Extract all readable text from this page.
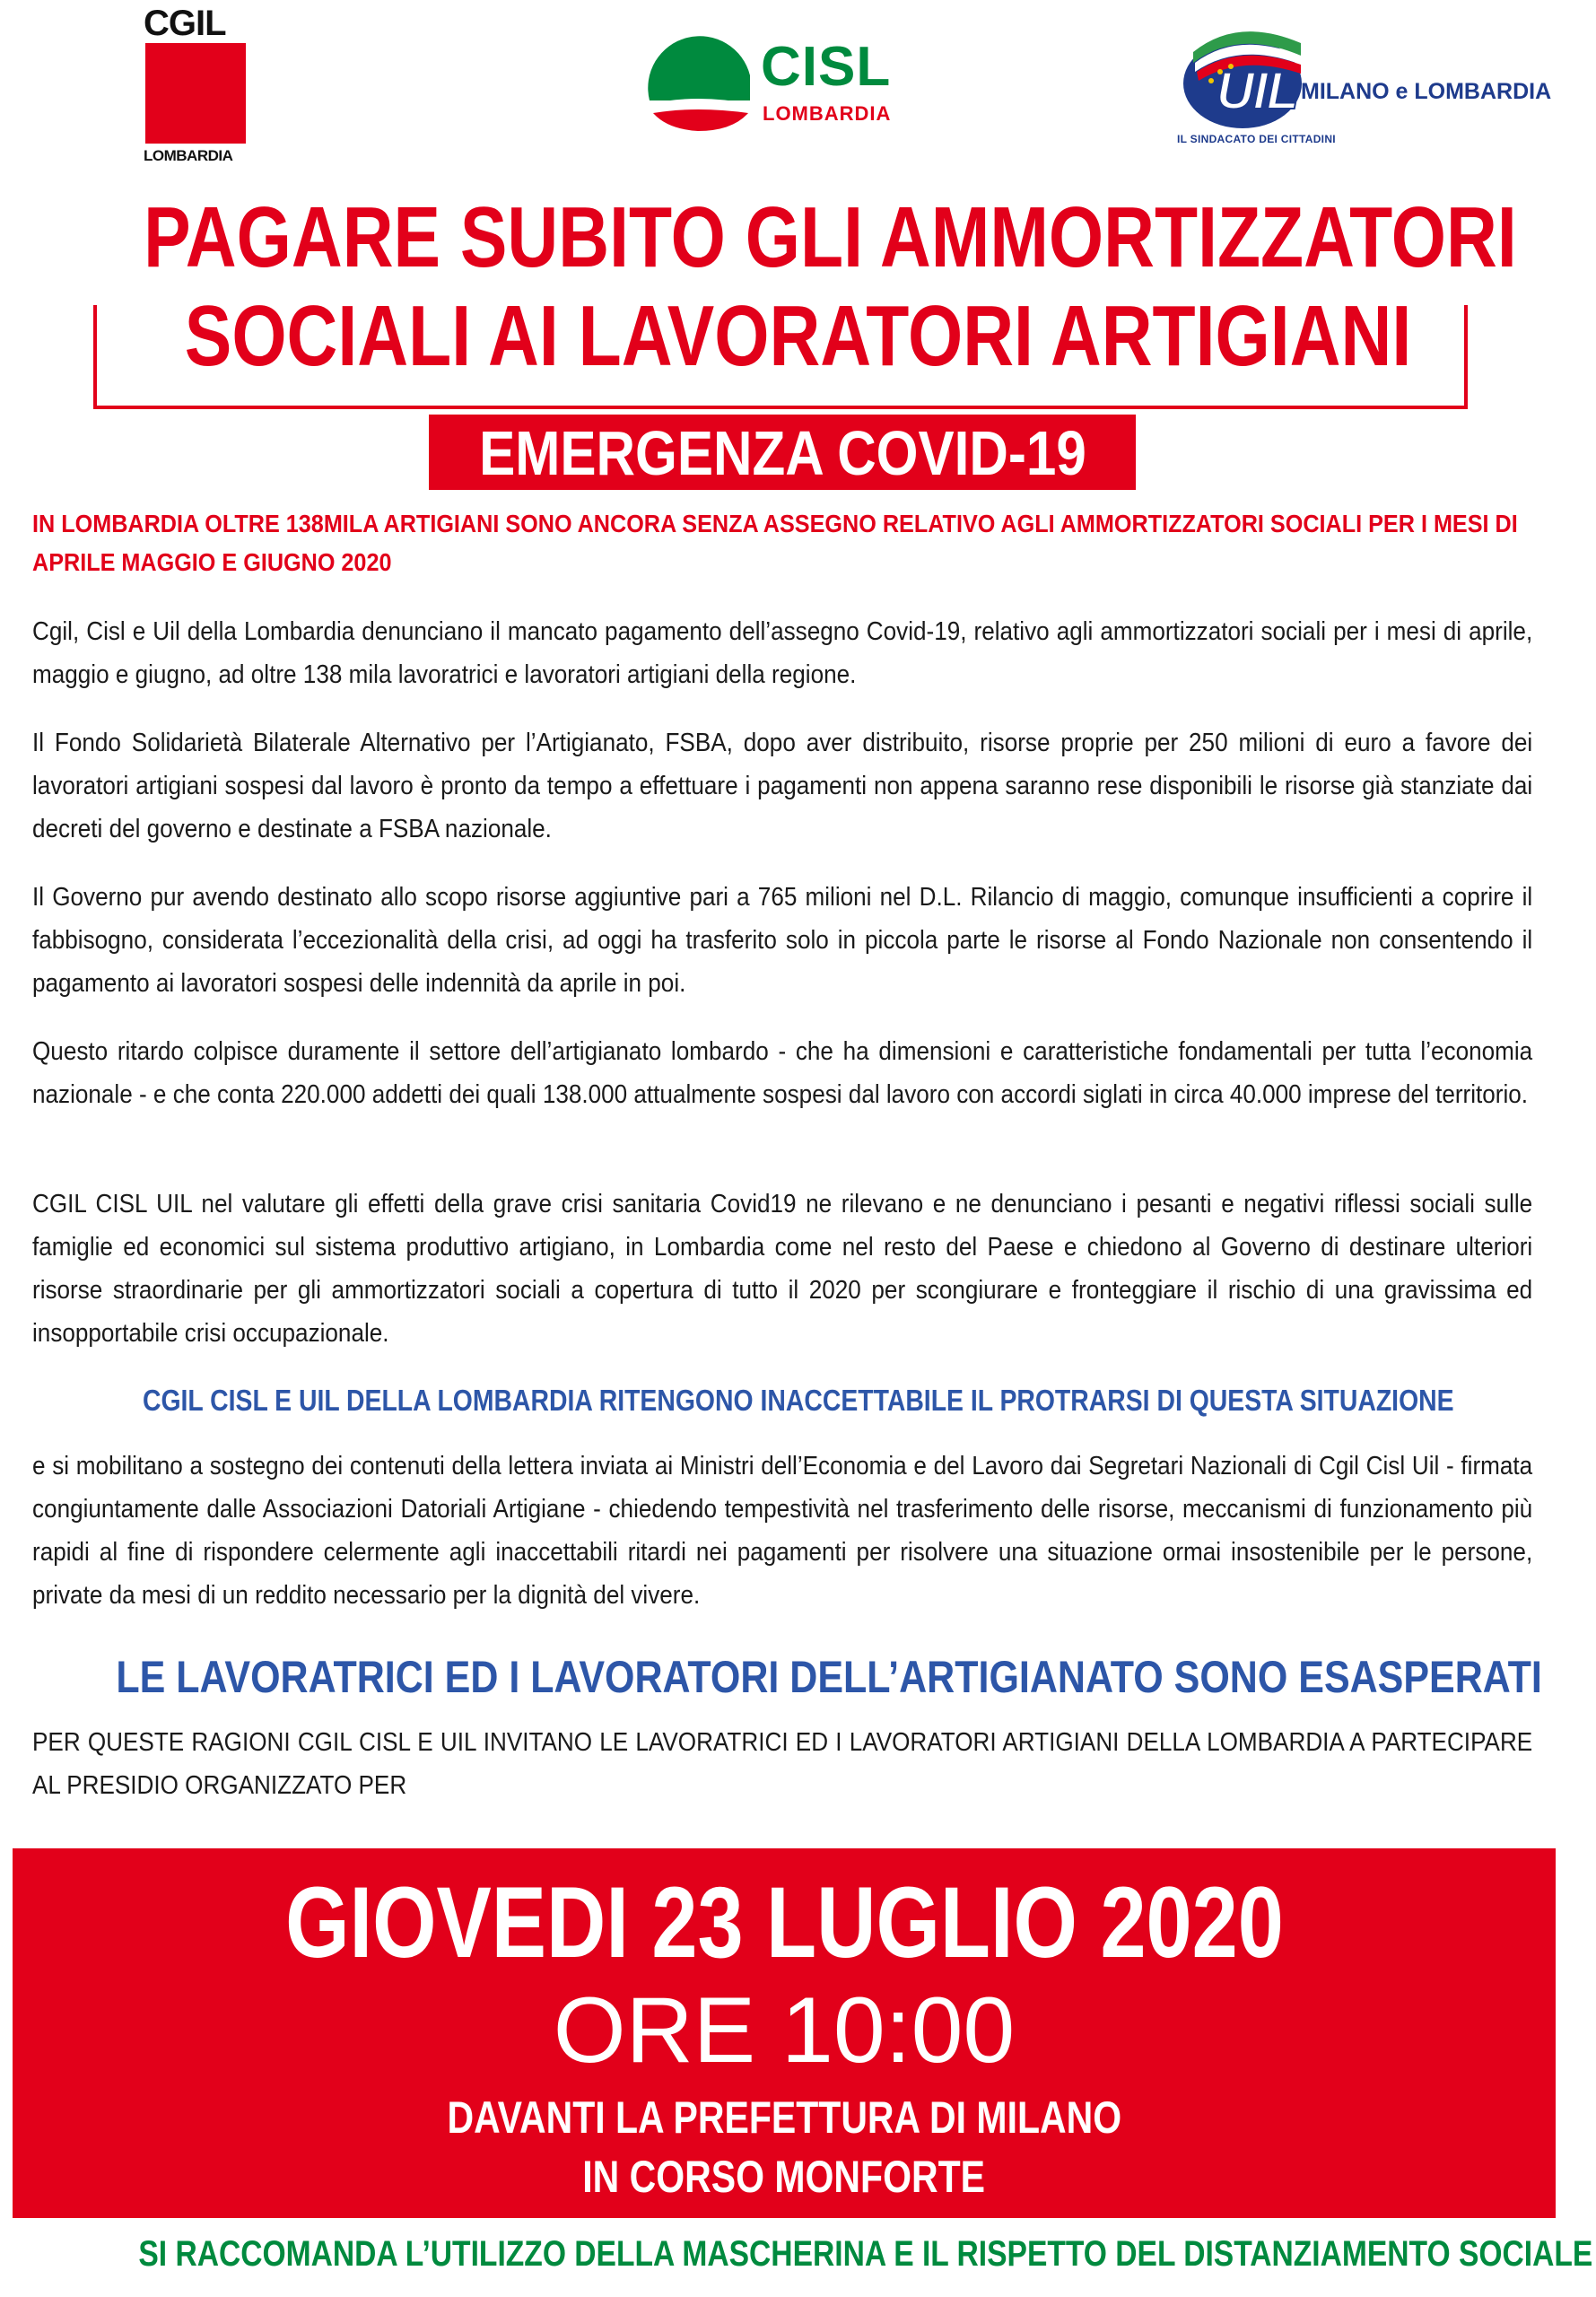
CGIL
LOMBARDIA
CISL
LOMBARDIA	UIL MILANO e LOMBARDIA
IL SINDACATO DEI CITTADINI
PAGARE SUBITO GLI AMMORTIZZATORI
SOCIALI AI LAVORATORI ARTIGIANI
EMERGENZA COVID-19
IN LOMBARDIA OLTRE 138MILA ARTIGIANI SONO ANCORA SENZA ASSEGNO RELATIVO AGLI AMMORTIZZATORI SOCIALI PER I MESI DI APRILE MAGGIO E GIUGNO 2020
Cgil, Cisl e Uil della Lombardia denunciano il mancato pagamento dell’assegno Covid-19, relativo agli ammortizzatori sociali per i mesi di aprile, maggio e giugno, ad oltre 138 mila lavoratrici e lavoratori artigiani della regione.
Il Fondo Solidarietà Bilaterale Alternativo per l’Artigianato, FSBA, dopo aver distribuito, risorse proprie per 250 milioni di euro a favore dei lavoratori artigiani sospesi dal lavoro è pronto da tempo a effettuare i pagamenti non appena saranno rese disponibili le risorse già stanziate dai decreti del governo e destinate a FSBA nazionale.
Il Governo pur avendo destinato allo scopo risorse aggiuntive pari a 765 milioni nel D.L. Rilancio di maggio, comunque insufficienti a coprire il fabbisogno, considerata l’eccezionalità della crisi, ad oggi ha trasferito solo in piccola parte le risorse al Fondo Nazionale non consentendo il pagamento ai lavoratori sospesi delle indennità da aprile in poi.
Questo ritardo colpisce duramente il settore dell’artigianato lombardo - che ha dimensioni e caratteristiche fondamentali per tutta l’economia nazionale - e che conta 220.000 addetti dei quali 138.000 attualmente sospesi dal lavoro con accordi siglati in circa 40.000 imprese del territorio.
CGIL CISL UIL nel valutare gli effetti della grave crisi sanitaria Covid19 ne rilevano e ne denunciano i pesanti e negativi riflessi sociali sulle famiglie ed economici sul sistema produttivo artigiano, in Lombardia come nel resto del Paese e chiedono al Governo di destinare ulteriori risorse straordinarie per gli ammortizzatori sociali a copertura di tutto il 2020 per scongiurare e fronteggiare il rischio di una gravissima ed insopportabile crisi occupazionale.
CGIL CISL E UIL DELLA LOMBARDIA RITENGONO INACCETTABILE IL PROTRARSI DI QUESTA SITUAZIONE
e si mobilitano a sostegno dei contenuti della lettera inviata ai Ministri dell’Economia e del Lavoro dai Segretari Nazionali di Cgil Cisl Uil - firmata congiuntamente dalle Associazioni Datoriali Artigiane - chiedendo tempestività nel trasferimento delle risorse, meccanismi di funzionamento più rapidi al fine di rispondere celermente agli inaccettabili ritardi nei pagamenti per risolvere una situazione ormai insostenibile per le persone, private da mesi di un reddito necessario per la dignità del vivere.
LE LAVORATRICI ED I LAVORATORI DELL’ARTIGIANATO SONO ESASPERATI
PER QUESTE RAGIONI CGIL CISL E UIL INVITANO LE LAVORATRICI ED I LAVORATORI ARTIGIANI DELLA LOMBARDIA A PARTECIPARE AL PRESIDIO ORGANIZZATO PER
GIOVEDI 23 LUGLIO 2020
ORE 10:00
DAVANTI LA PREFETTURA DI MILANO
IN CORSO MONFORTE
SI RACCOMANDA L’UTILIZZO DELLA MASCHERINA E IL RISPETTO DEL DISTANZIAMENTO SOCIALE
